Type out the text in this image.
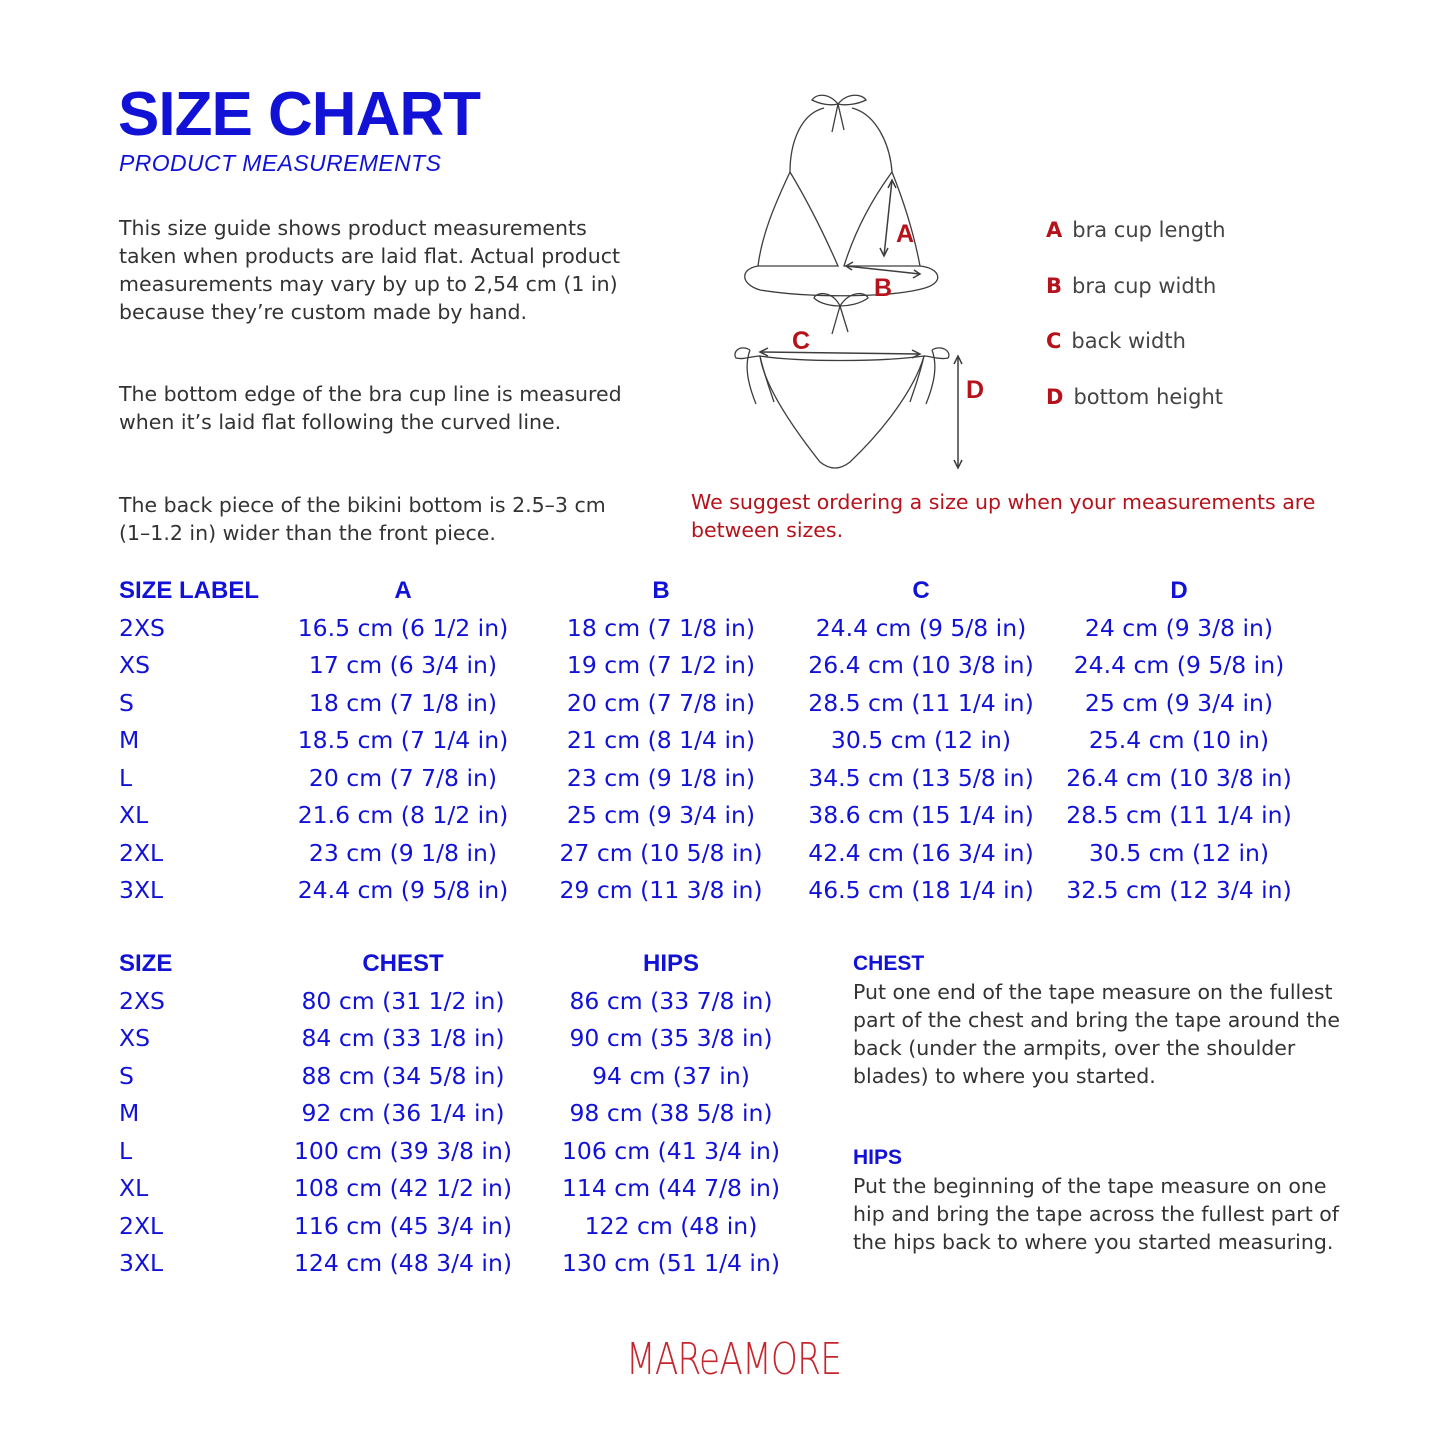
SIZE CHART
PRODUCT MEASUREMENTS

This size guide shows product measurements taken when products are laid flat. Actual product measurements may vary by up to 2,54 cm (1 in) because they’re custom made by hand.

The bottom edge of the bra cup line is measured when it’s laid flat following the curved line.

The back piece of the bikini bottom is 2.5–3 cm (1–1.2 in) wider than the front piece.

A
B
C
D
A bra cup length
B bra cup width
C back width
D bottom height

We suggest ordering a size up when your measurements are between sizes.

SIZE LABEL	A	B	C	D
2XS	16.5 cm (6 1/2 in) 18 cm (7 1/8 in)	24.4 cm (9 5/8 in) 24 cm (9 3/8 in)
XS	17 cm (6 3/4 in)	19 cm (7 1/2 in) 26.4 cm (10 3/8 in) 24.4 cm (9 5/8 in)
S	18 cm (7 1/8 in)	20 cm (7 7/8 in) 28.5 cm (11 1/4 in) 25 cm (9 3/4 in)
M	18.5 cm (7 1/4 in) 21 cm (8 1/4 in)	30.5 cm (12 in)	25.4 cm (10 in)
L	20 cm (7 7/8 in)	23 cm (9 1/8 in) 34.5 cm (13 5/8 in) 26.4 cm (10 3/8 in)
XL	21.6 cm (8 1/2 in) 25 cm (9 3/4 in) 38.6 cm (15 1/4 in) 28.5 cm (11 1/4 in)
2XL	23 cm (9 1/8 in)	27 cm (10 5/8 in) 42.4 cm (16 3/4 in) 30.5 cm (12 in)
3XL	24.4 cm (9 5/8 in) 29 cm (11 3/8 in) 46.5 cm (18 1/4 in) 32.5 cm (12 3/4 in)
SIZE	CHEST	HIPS
2XS	80 cm (31 1/2 in)	86 cm (33 7/8 in)
XS	84 cm (33 1/8 in)	90 cm (35 3/8 in)
S	88 cm (34 5/8 in)	94 cm (37 in)
M	92 cm (36 1/4 in)	98 cm (38 5/8 in)
L	100 cm (39 3/8 in) 106 cm (41 3/4 in)
XL	108 cm (42 1/2 in) 114 cm (44 7/8 in)
2XL	116 cm (45 3/4 in)	122 cm (48 in)
3XL	124 cm (48 3/4 in) 130 cm (51 1/4 in)
CHEST

Put one end of the tape measure on the fullest part of the chest and bring the tape around the back (under the armpits, over the shoulder blades) to where you started.

HIPS

Put the beginning of the tape measure on one hip and bring the tape across the fullest part of the hips back to where you started measuring.

MAReAMORE
